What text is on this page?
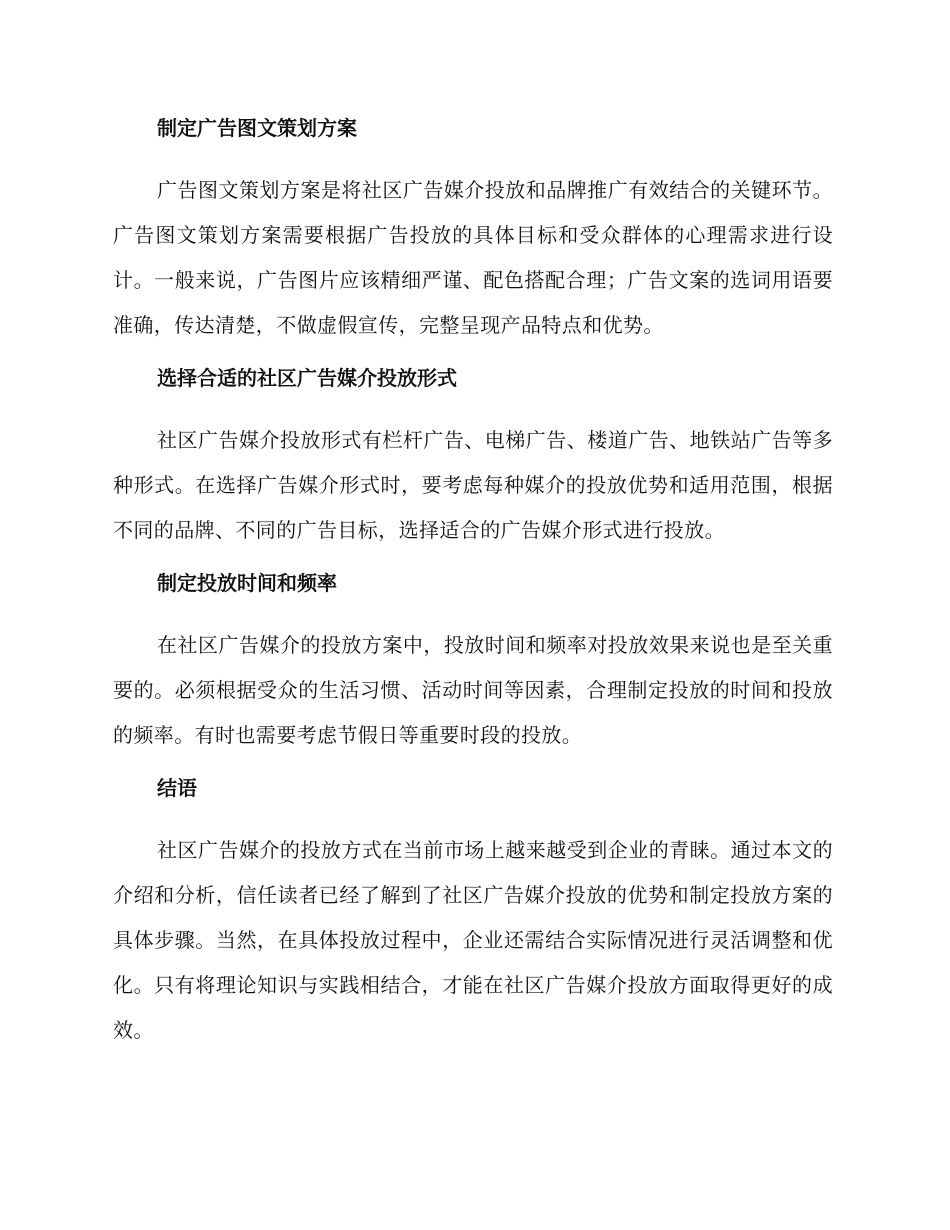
制定广告图文策划方案

广告图文策划方案是将社区广告媒介投放和品牌推广有效结合的关键环节。广告图文策划方案需要根据广告投放的具体目标和受众群体的心理需求进行设计。一般来说，广告图片应该精细严谨、配色搭配合理；广告文案的选词用语要准确，传达清楚，不做虚假宣传，完整呈现产品特点和优势。

选择合适的社区广告媒介投放形式

社区广告媒介投放形式有栏杆广告、电梯广告、楼道广告、地铁站广告等多种形式。在选择广告媒介形式时，要考虑每种媒介的投放优势和适用范围，根据不同的品牌、不同的广告目标，选择适合的广告媒介形式进行投放。

制定投放时间和频率

在社区广告媒介的投放方案中，投放时间和频率对投放效果来说也是至关重要的。必须根据受众的生活习惯、活动时间等因素，合理制定投放的时间和投放的频率。有时也需要考虑节假日等重要时段的投放。

结语

社区广告媒介的投放方式在当前市场上越来越受到企业的青睐。通过本文的介绍和分析，信任读者已经了解到了社区广告媒介投放的优势和制定投放方案的具体步骤。当然，在具体投放过程中，企业还需结合实际情况进行灵活调整和优化。只有将理论知识与实践相结合，才能在社区广告媒介投放方面取得更好的成效。
